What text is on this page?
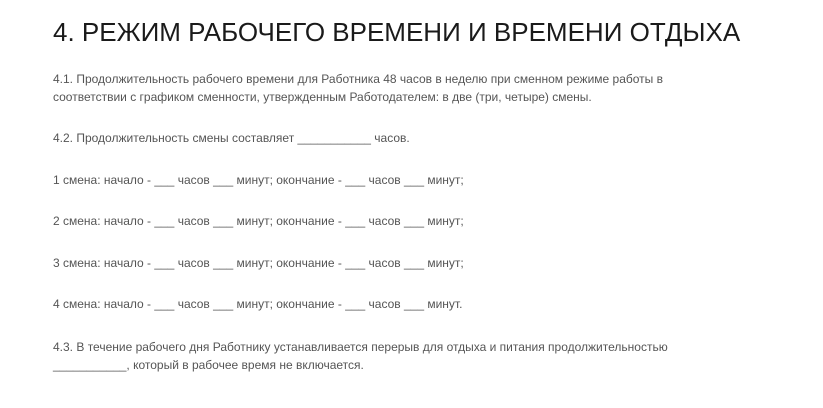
4. РЕЖИМ РАБОЧЕГО ВРЕМЕНИ И ВРЕМЕНИ ОТДЫХА

4.1. Продолжительность рабочего времени для Работника 48 часов в неделю при сменном режиме работы в
соответствии с графиком сменности, утвержденным Работодателем: в две (три, четыре) смены.

4.2. Продолжительность смены составляет ___________ часов.

1 смена: начало - ___ часов ___ минут; окончание - ___ часов ___ минут;

2 смена: начало - ___ часов ___ минут; окончание - ___ часов ___ минут;

3 смена: начало - ___ часов ___ минут; окончание - ___ часов ___ минут;

4 смена: начало - ___ часов ___ минут; окончание - ___ часов ___ минут.

4.3. В течение рабочего дня Работнику устанавливается перерыв для отдыха и питания продолжительностью
___________, который в рабочее время не включается.
